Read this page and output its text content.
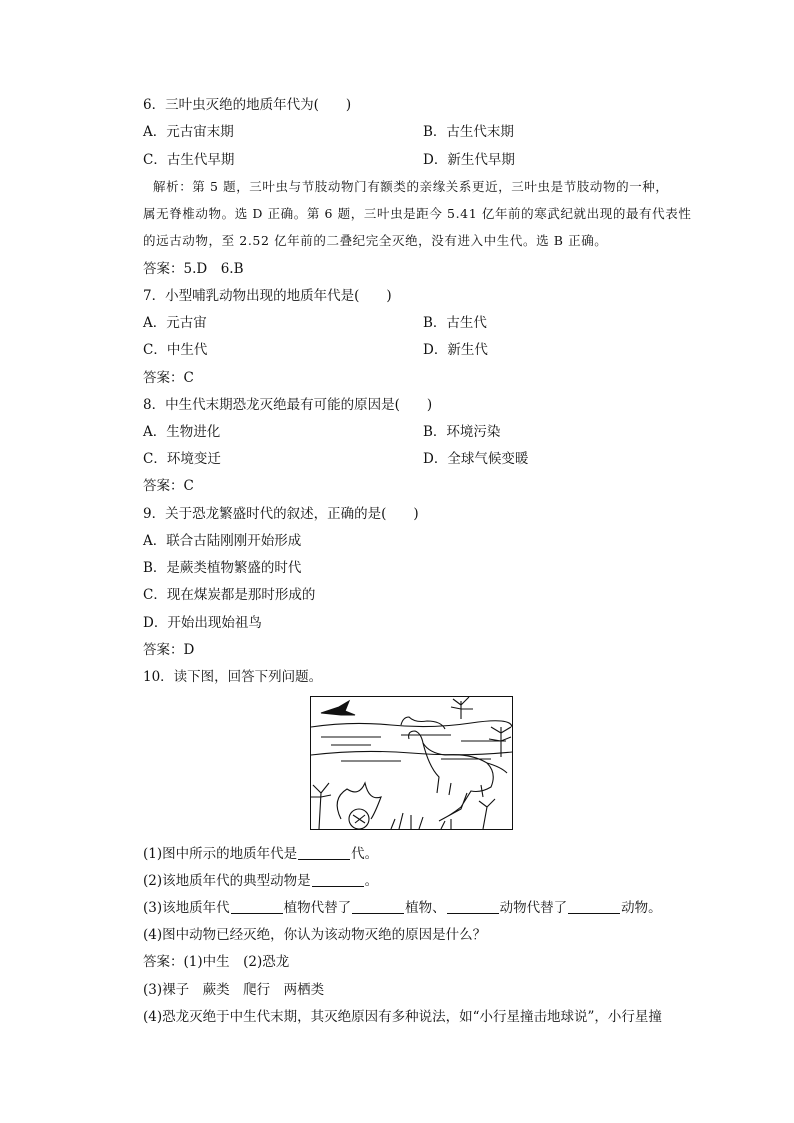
6．三叶虫灭绝的地质年代为(　　)
A．元古宙末期	B．古生代末期
C．古生代早期	D．新生代早期
解析：第 5 题，三叶虫与节肢动物门有额类的亲缘关系更近，三叶虫是节肢动物的一种，
属无脊椎动物。选 D 正确。第 6 题，三叶虫是距今 5.41 亿年前的寒武纪就出现的最有代表性
的远古动物，至 2.52 亿年前的二叠纪完全灭绝，没有进入中生代。选 B 正确。
答案：5.D　6.B
7．小型哺乳动物出现的地质年代是(　　)
A．元古宙	B．古生代
C．中生代	D．新生代
答案：C
8．中生代末期恐龙灭绝最有可能的原因是(　　)
A．生物进化	B．环境污染
C．环境变迁	D．全球气候变暖
答案：C
9．关于恐龙繁盛时代的叙述，正确的是(　　)
A．联合古陆刚刚开始形成
B．是蕨类植物繁盛的时代
C．现在煤炭都是那时形成的
D．开始出现始祖鸟
答案：D
10．读下图，回答下列问题。
(1)图中所示的地质年代是	代。
(2)该地质年代的典型动物是	。
(3)该地质年代	植物代替了	植物、	动物代替了	动物。
(4)图中动物已经灭绝，你认为该动物灭绝的原因是什么？
答案：(1)中生　(2)恐龙
(3)裸子　蕨类　爬行　两栖类
(4)恐龙灭绝于中生代末期，其灭绝原因有多种说法，如“小行星撞击地球说”，小行星撞
